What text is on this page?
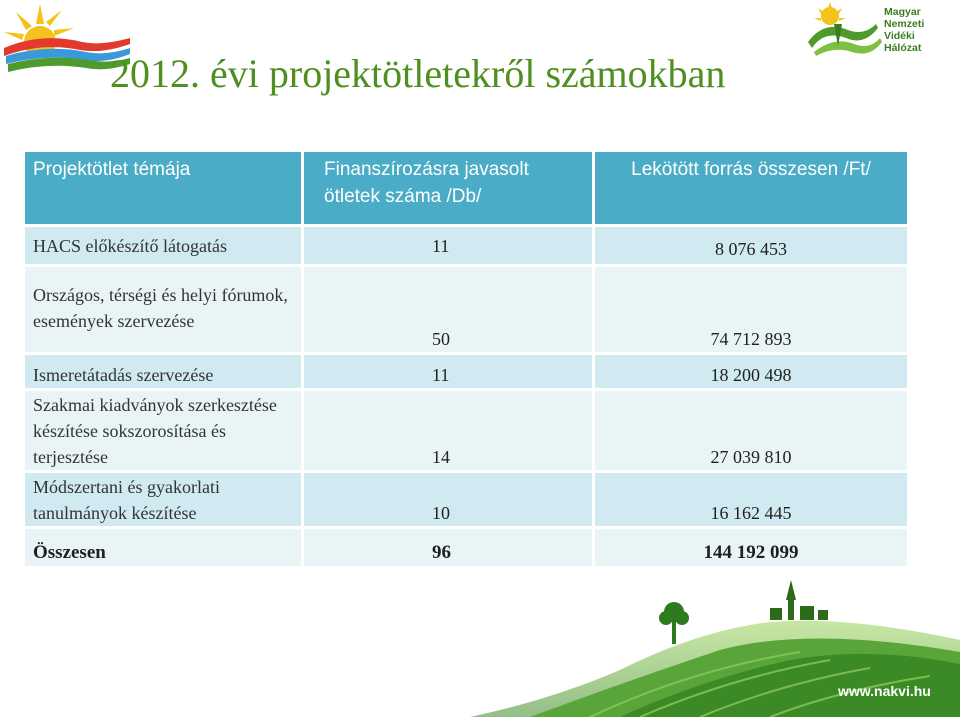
Magyar
Nemzeti
Vidéki
Hálózat
2012. évi projektötletekről számokban
Projektötlet témája	Finanszírozásra javasolt ötletek száma /Db/	Lekötött forrás összesen /Ft/
HACS előkészítő látogatás	11	8 076 453
Országos, térségi és helyi fórumok, események szervezése	50	74 712 893
Ismeretátadás szervezése	11	18 200 498
Szakmai kiadványok szerkesztése készítése sokszorosítása és terjesztése	14	27 039 810
Módszertani és gyakorlati tanulmányok készítése	10	16 162 445
Összesen	96	144 192 099
www.nakvi.hu
